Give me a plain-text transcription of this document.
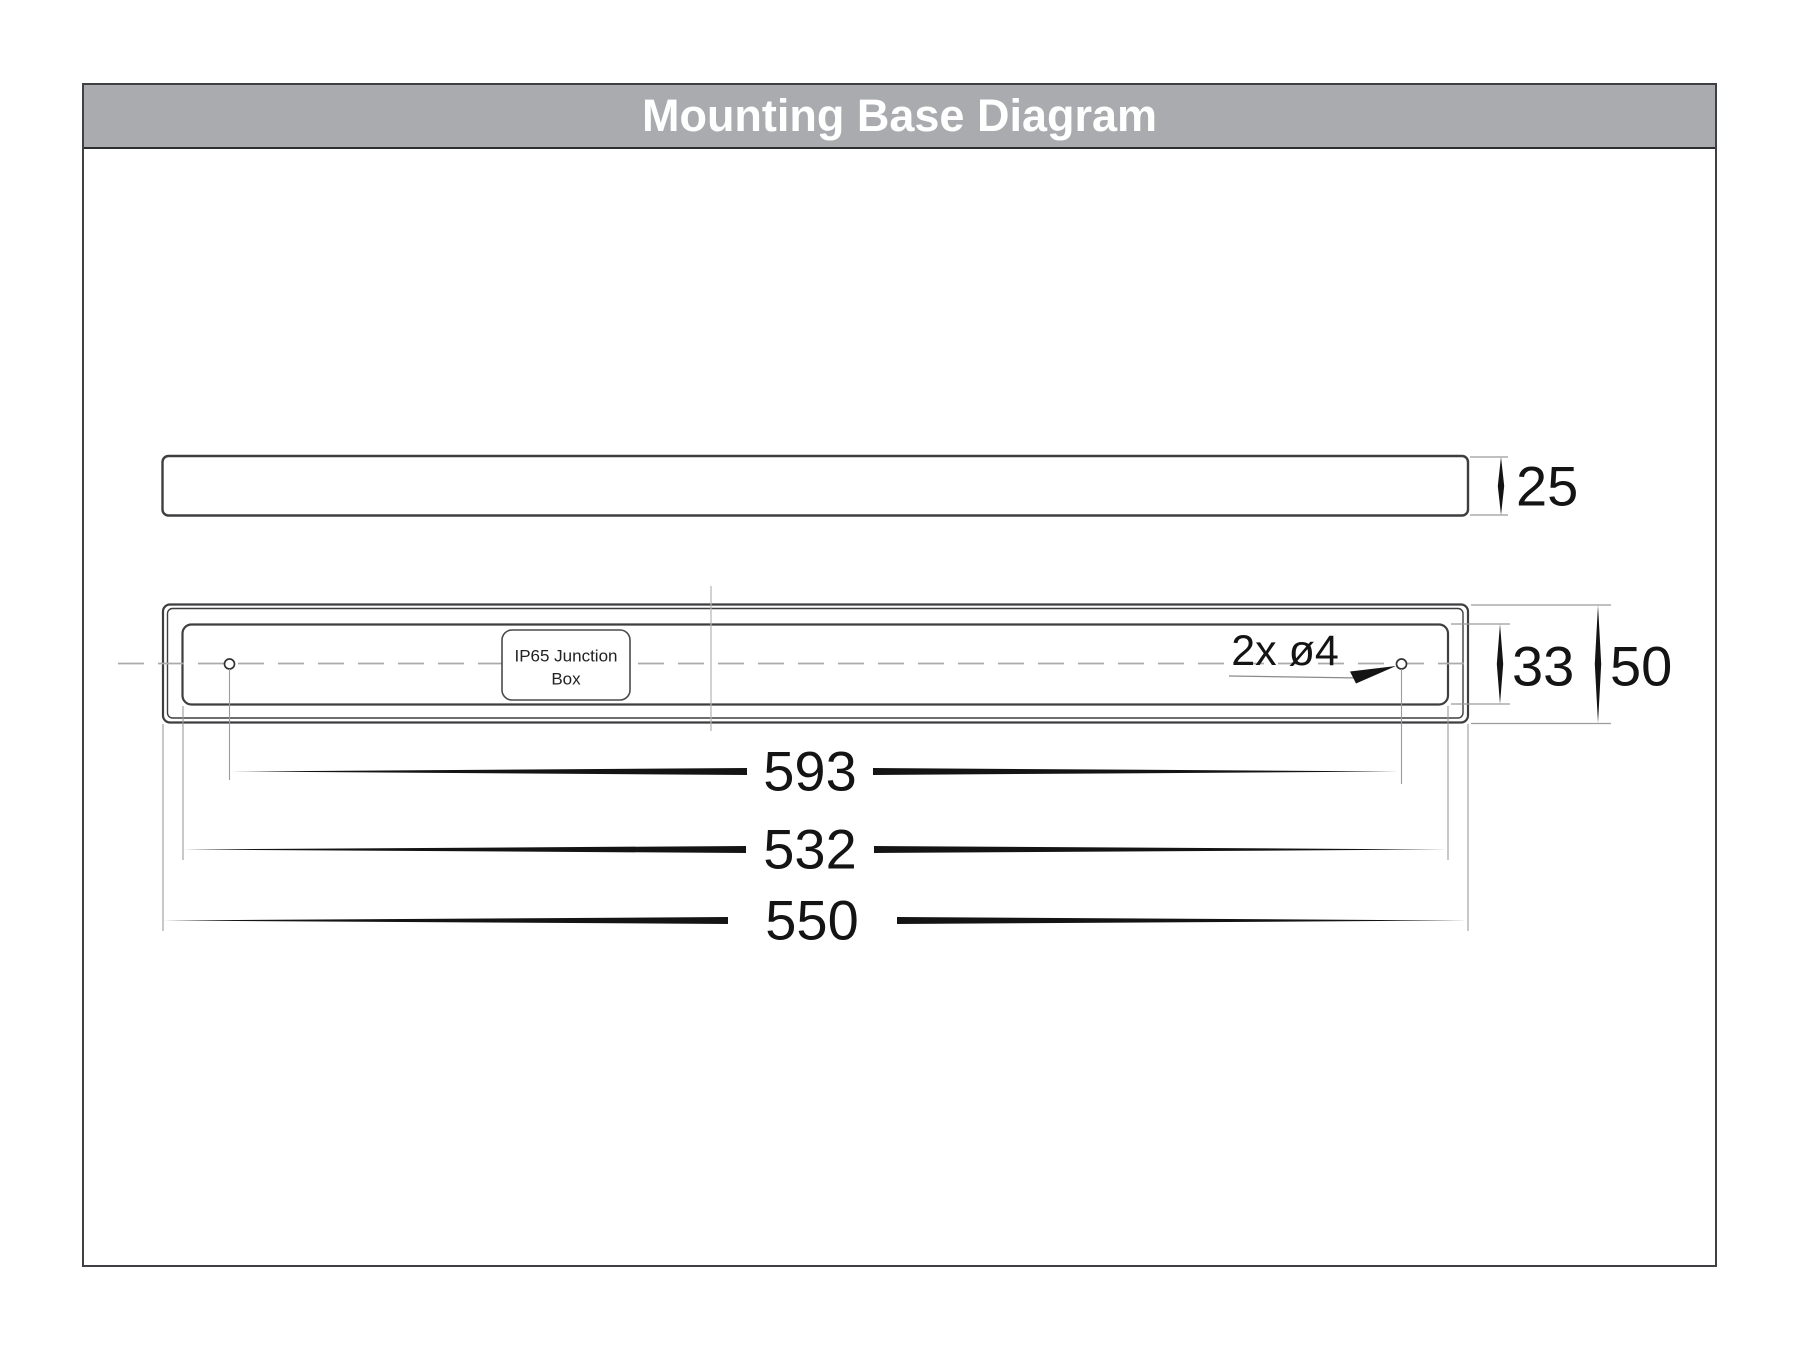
Mounting Base Diagram
25
IP65 Junction
Box
2x ø4	33 50
593
532
550
